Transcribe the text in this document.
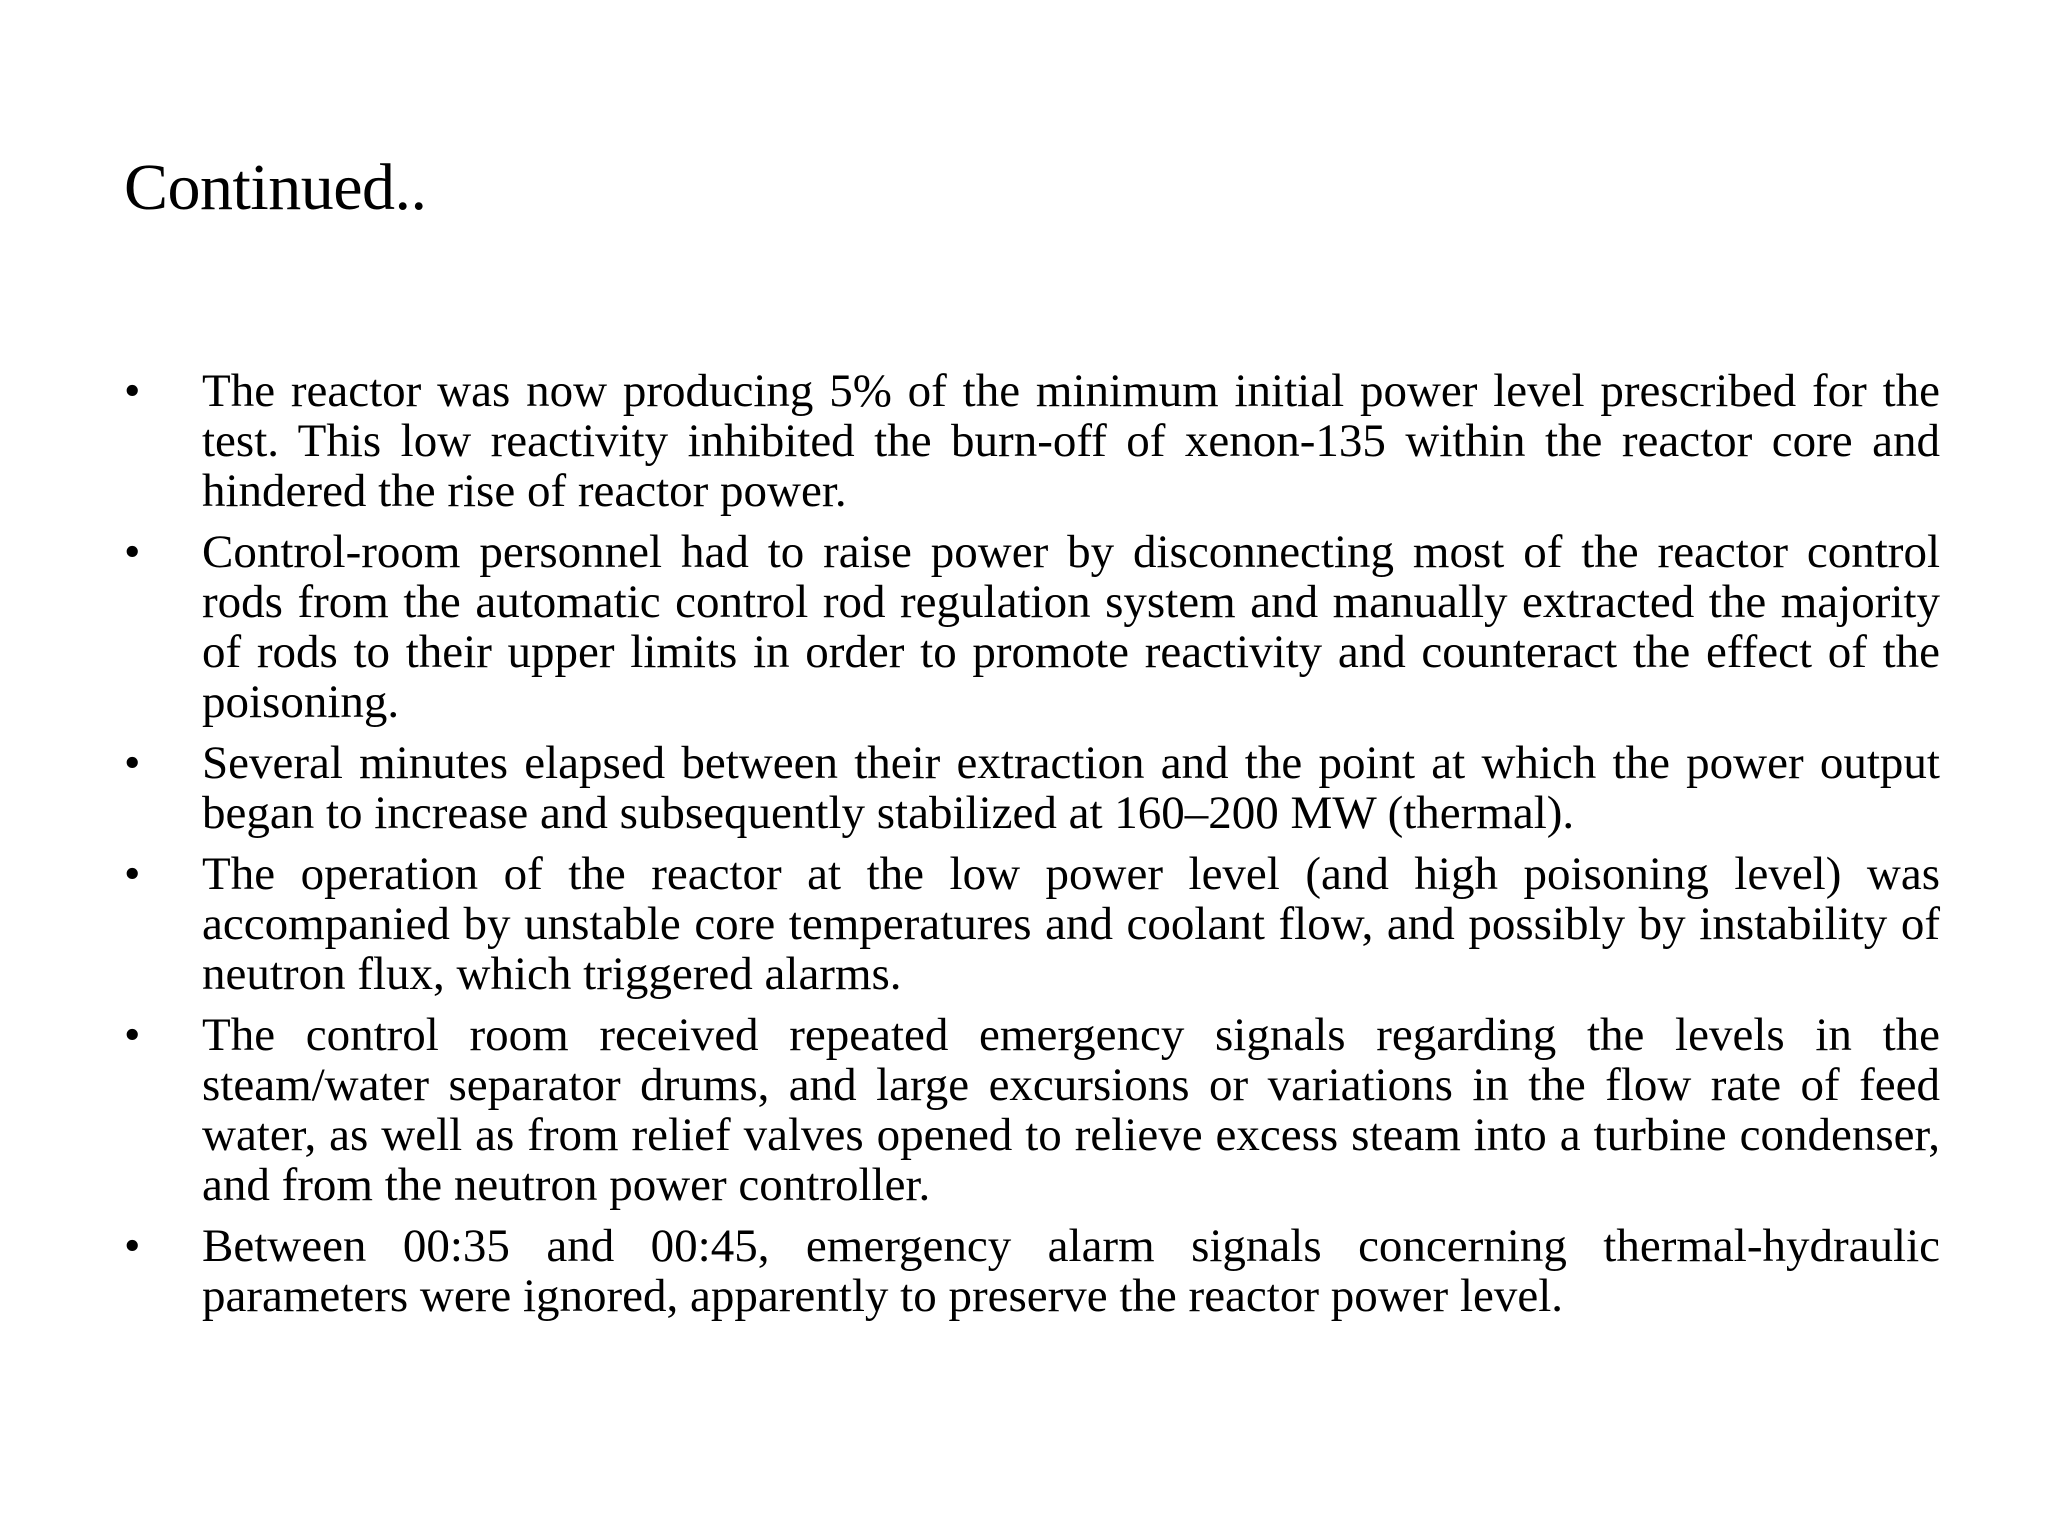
Continued..
• The reactor was now producing 5% of the minimum initial power level prescribed for the test. This low reactivity inhibited the burn-off of xenon-135 within the reactor core and hindered the rise of reactor power.
• Control-room personnel had to raise power by disconnecting most of the reactor control rods from the automatic control rod regulation system and manually extracted the majority of rods to their upper limits in order to promote reactivity and counteract the effect of the poisoning.
• Several minutes elapsed between their extraction and the point at which the power output began to increase and subsequently stabilized at 160–200 MW (thermal).
• The operation of the reactor at the low power level (and high poisoning level) was accompanied by unstable core temperatures and coolant flow, and possibly by instability of neutron flux, which triggered alarms.
• The control room received repeated emergency signals regarding the levels in the steam/water separator drums, and large excursions or variations in the flow rate of feed water, as well as from relief valves opened to relieve excess steam into a turbine condenser, and from the neutron power controller.
• Between 00:35 and 00:45, emergency alarm signals concerning thermal-hydraulic parameters were ignored, apparently to preserve the reactor power level.
